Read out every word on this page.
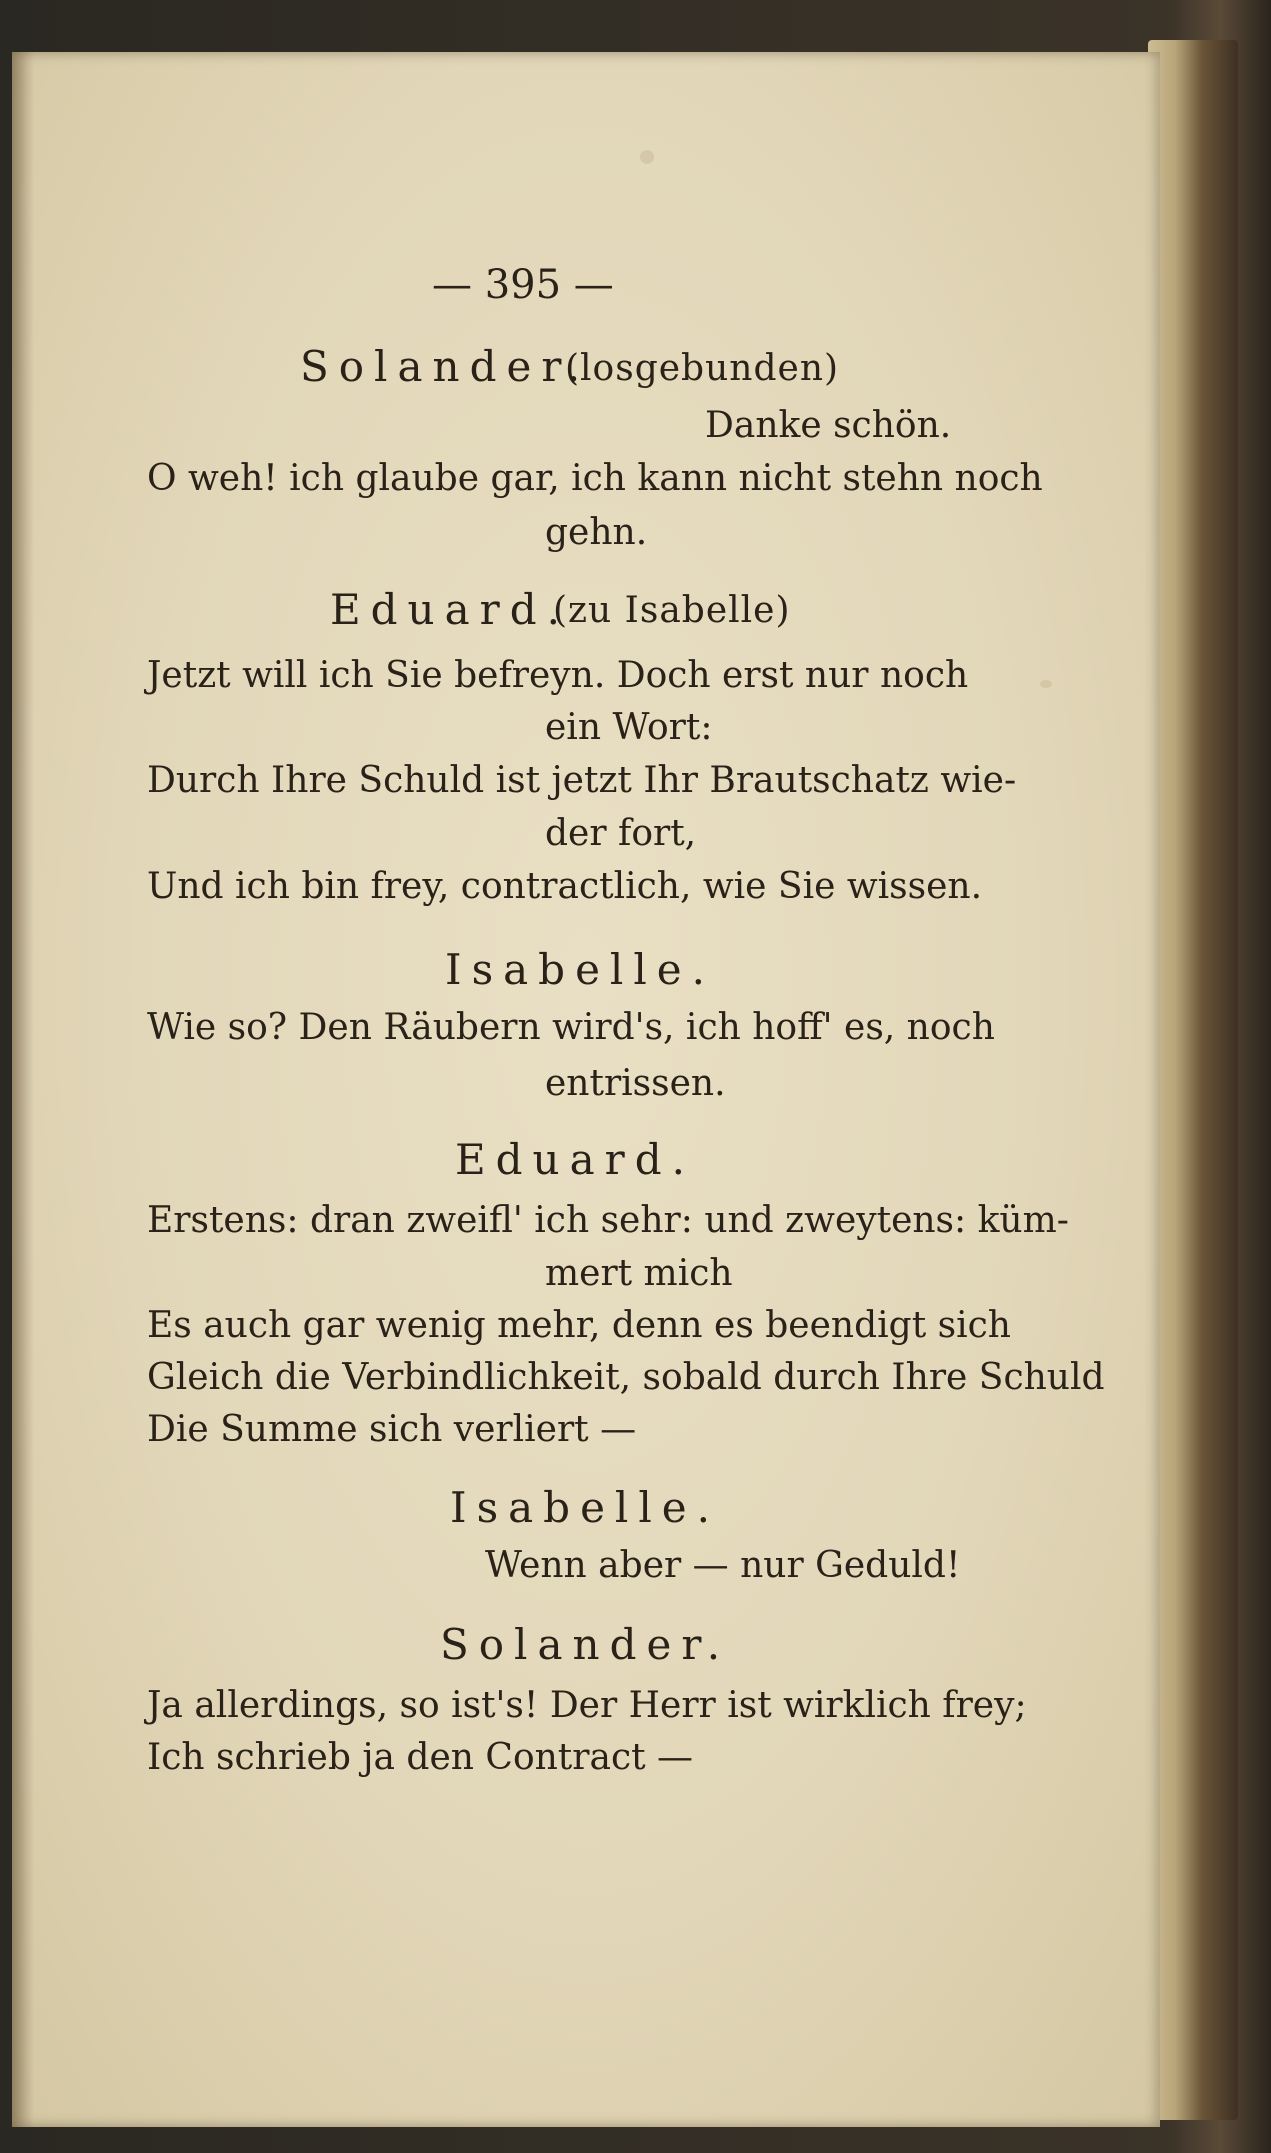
— 395 —
Solander.
(losgebunden)
Danke schön.
O weh! ich glaube gar, ich kann nicht stehn noch
gehn.
Eduard.
(zu Isabelle)
Jetzt will ich Sie befreyn. Doch erst nur noch
ein Wort:
Durch Ihre Schuld ist jetzt Ihr Brautschatz wie-
der fort,
Und ich bin frey, contractlich, wie Sie wissen.
Isabelle.
Wie so? Den Räubern wird's, ich hoff' es, noch
entrissen.
Eduard.
Erstens: dran zweifl' ich sehr: und zweytens: küm-
mert mich
Es auch gar wenig mehr, denn es beendigt sich
Gleich die Verbindlichkeit, sobald durch Ihre Schuld
Die Summe sich verliert —
Isabelle.
Wenn aber — nur Geduld!
Solander.
Ja allerdings, so ist's! Der Herr ist wirklich frey;
Ich schrieb ja den Contract —
